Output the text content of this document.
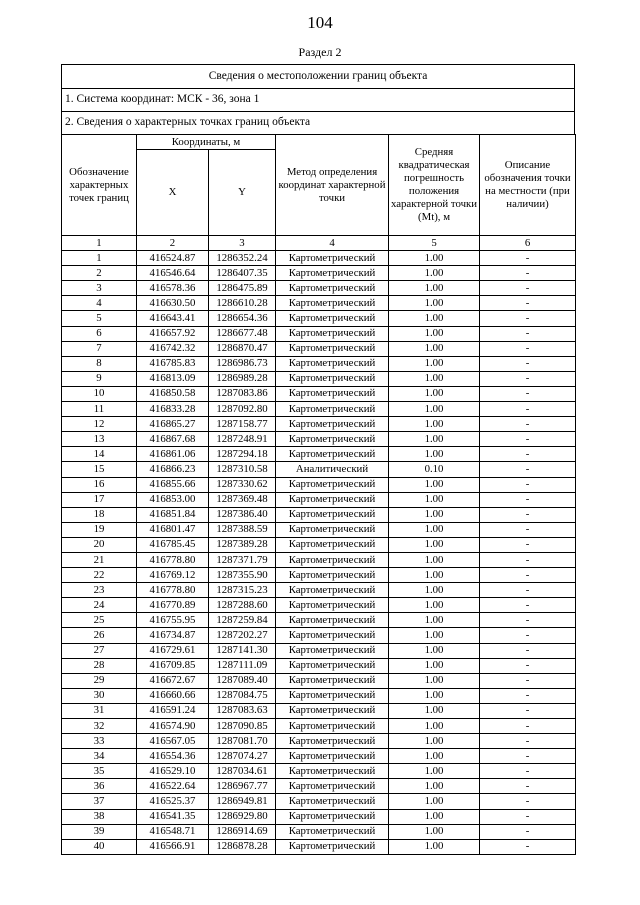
104
Раздел 2
Сведения о местоположении границ объекта
1. Система координат: МСК - 36, зона 1
2. Сведения о характерных точках границ объекта
Обозначение характерных точек границ	Координаты, м		Метод определения координат характерной точки	Средняя квадратическая погрешность положения характерной точки (Mt), м	Описание обозначения точки на местности (при наличии)
	X	Y			
1	2	3	4	5	6
1	416524.87	1286352.24	Картометрический	1.00	-
2	416546.64	1286407.35	Картометрический	1.00	-
3	416578.36	1286475.89	Картометрический	1.00	-
4	416630.50	1286610.28	Картометрический	1.00	-
5	416643.41	1286654.36	Картометрический	1.00	-
6	416657.92	1286677.48	Картометрический	1.00	-
7	416742.32	1286870.47	Картометрический	1.00	-
8	416785.83	1286986.73	Картометрический	1.00	-
9	416813.09	1286989.28	Картометрический	1.00	-
10	416850.58	1287083.86	Картометрический	1.00	-
11	416833.28	1287092.80	Картометрический	1.00	-
12	416865.27	1287158.77	Картометрический	1.00	-
13	416867.68	1287248.91	Картометрический	1.00	-
14	416861.06	1287294.18	Картометрический	1.00	-
15	416866.23	1287310.58	Аналитический	0.10	-
16	416855.66	1287330.62	Картометрический	1.00	-
17	416853.00	1287369.48	Картометрический	1.00	-
18	416851.84	1287386.40	Картометрический	1.00	-
19	416801.47	1287388.59	Картометрический	1.00	-
20	416785.45	1287389.28	Картометрический	1.00	-
21	416778.80	1287371.79	Картометрический	1.00	-
22	416769.12	1287355.90	Картометрический	1.00	-
23	416778.80	1287315.23	Картометрический	1.00	-
24	416770.89	1287288.60	Картометрический	1.00	-
25	416755.95	1287259.84	Картометрический	1.00	-
26	416734.87	1287202.27	Картометрический	1.00	-
27	416729.61	1287141.30	Картометрический	1.00	-
28	416709.85	1287111.09	Картометрический	1.00	-
29	416672.67	1287089.40	Картометрический	1.00	-
30	416660.66	1287084.75	Картометрический	1.00	-
31	416591.24	1287083.63	Картометрический	1.00	-
32	416574.90	1287090.85	Картометрический	1.00	-
33	416567.05	1287081.70	Картометрический	1.00	-
34	416554.36	1287074.27	Картометрический	1.00	-
35	416529.10	1287034.61	Картометрический	1.00	-
36	416522.64	1286967.77	Картометрический	1.00	-
37	416525.37	1286949.81	Картометрический	1.00	-
38	416541.35	1286929.80	Картометрический	1.00	-
39	416548.71	1286914.69	Картометрический	1.00	-
40	416566.91	1286878.28	Картометрический	1.00	-
